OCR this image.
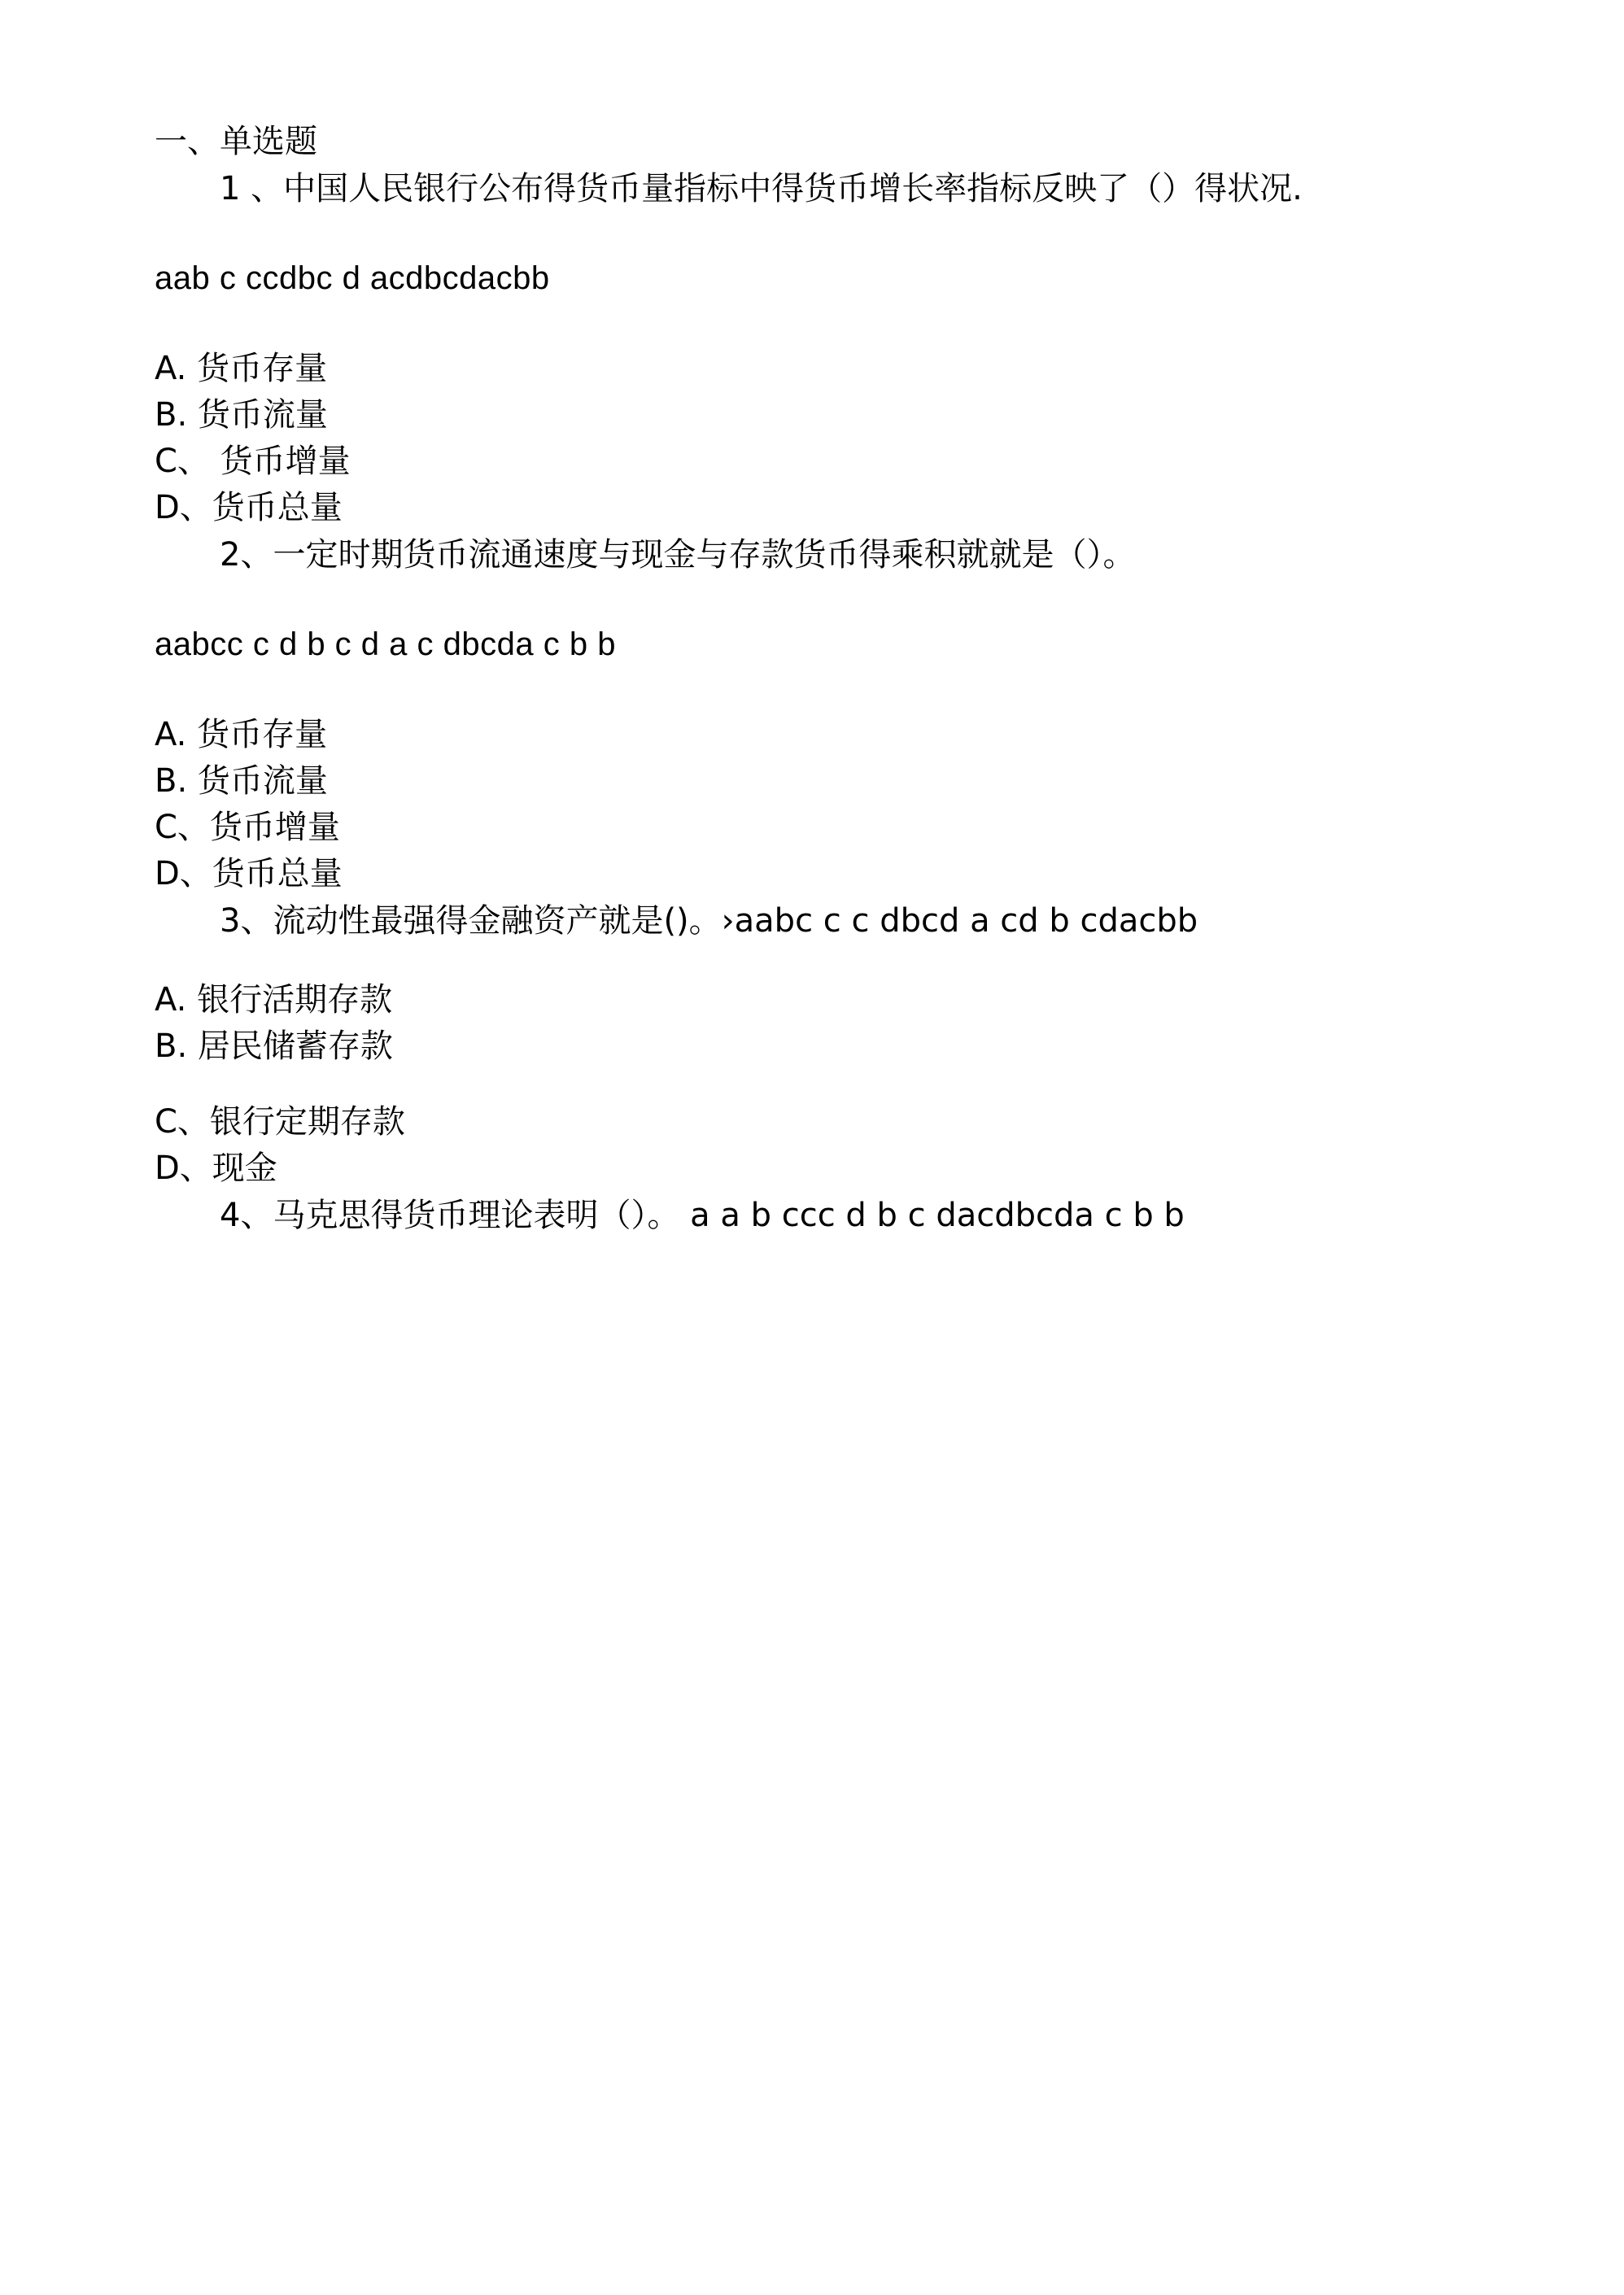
一、单选题
1 、中国人民银行公布得货币量指标中得货币增长率指标反映了（）得状况.
aab c ccdbc d acdbcdacbb
A. 货币存量
B. 货币流量
C、 货币增量
D、货币总量
2、一定时期货币流通速度与现金与存款货币得乘积就就是（）。
aabcc c d b c d a c dbcda c b b
A. 货币存量
B. 货币流量
C、货币增量
D、货币总量
3、流动性最强得金融资产就是()。›aabc c c dbcd a cd b cdacbb
A. 银行活期存款
B. 居民储蓄存款
C、银行定期存款
D、现金
4、马克思得货币理论表明（）。 a a b ccc d b c dacdbcda c b b
